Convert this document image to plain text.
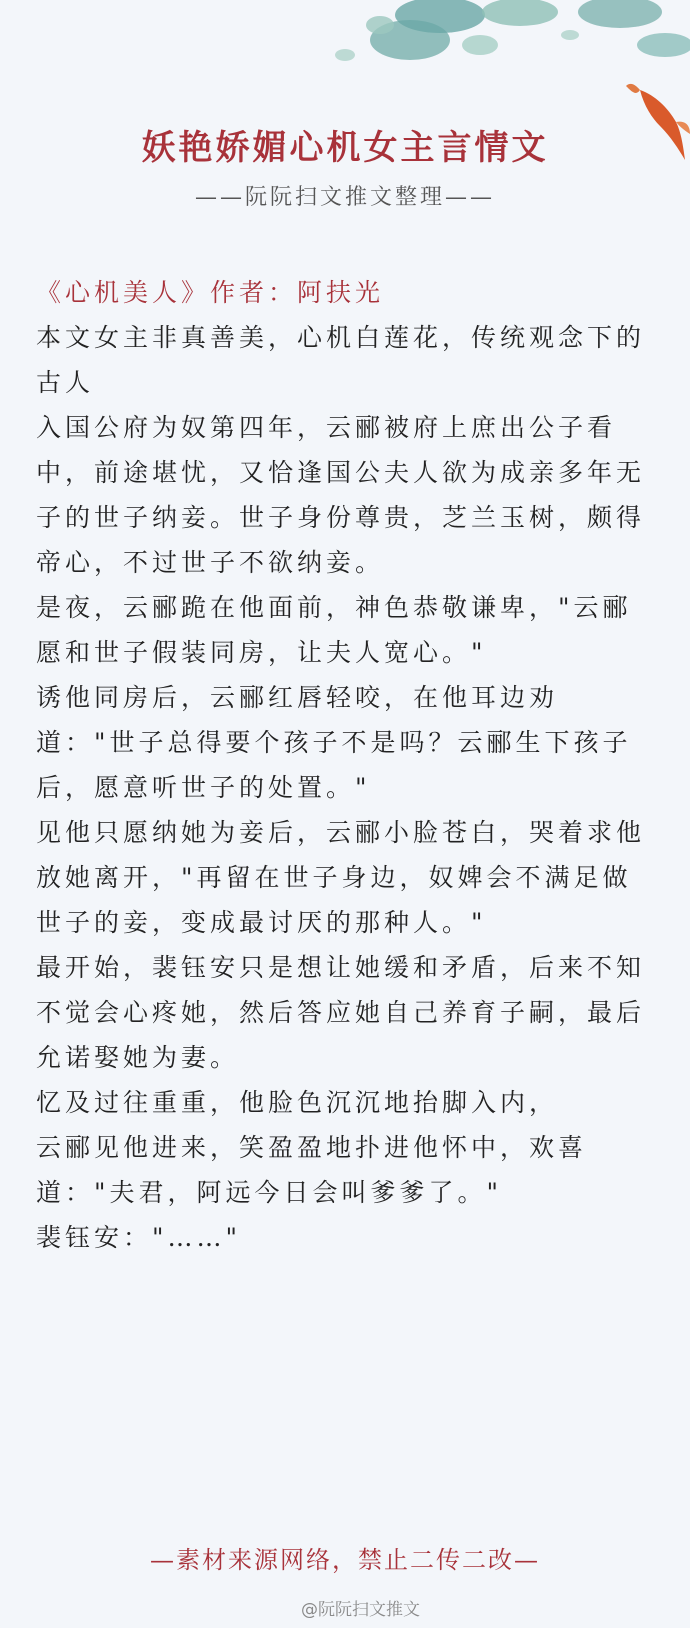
妖艳娇媚心机女主言情文
——阮阮扫文推文整理——

《心机美人》作者：阿扶光

本文女主非真善美，心机白莲花，传统观念下的古人

入国公府为奴第四年，云郦被府上庶出公子看中，前途堪忧，又恰逢国公夫人欲为成亲多年无子的世子纳妾。世子身份尊贵，芝兰玉树，颇得帝心，不过世子不欲纳妾。

是夜，云郦跪在他面前，神色恭敬谦卑，"云郦愿和世子假装同房，让夫人宽心。"

诱他同房后，云郦红唇轻咬，在他耳边劝道："世子总得要个孩子不是吗？云郦生下孩子后，愿意听世子的处置。"

见他只愿纳她为妾后，云郦小脸苍白，哭着求他放她离开，"再留在世子身边，奴婢会不满足做世子的妾，变成最讨厌的那种人。"

最开始，裴钰安只是想让她缓和矛盾，后来不知不觉会心疼她，然后答应她自己养育子嗣，最后允诺娶她为妻。

忆及过往重重，他脸色沉沉地抬脚入内，

云郦见他进来，笑盈盈地扑进他怀中，欢喜道："夫君，阿远今日会叫爹爹了。"

裴钰安："……"

—素材来源网络，禁止二传二改—
@阮阮扫文推文
